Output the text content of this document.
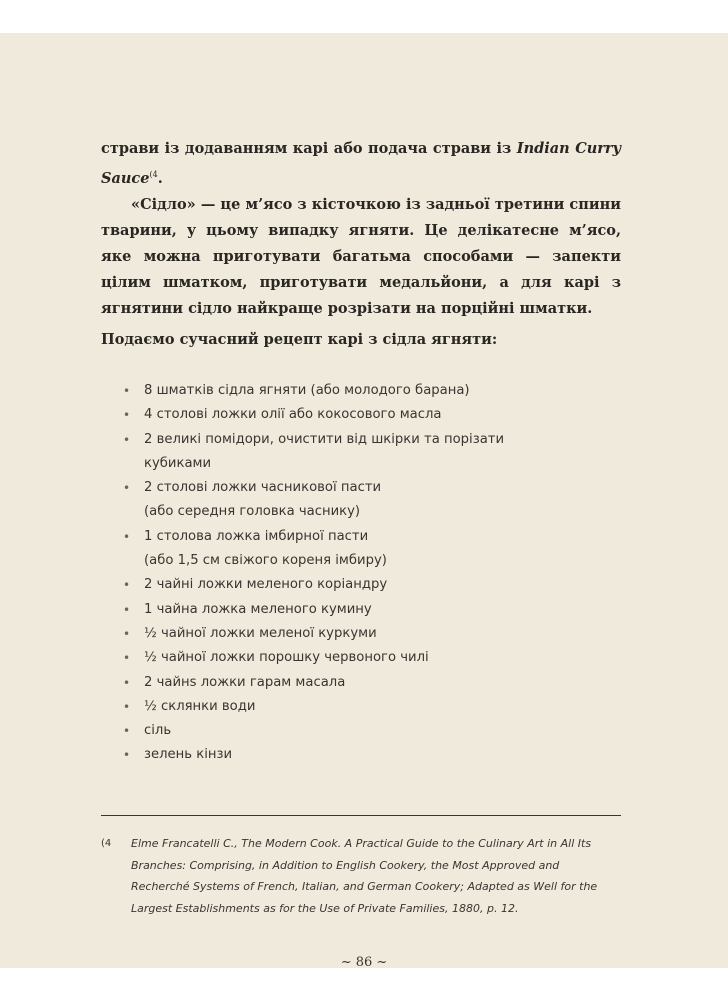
страви із додаванням карі або подача страви із Indian Curry Sauce$^{(4}$.

«Сідло» — це м’ясо з кісточкою із задньої третини спини тварини, у цьому випадку ягняти. Це делікатесне м’ясо, яке можна приготувати багатьма способами — запекти цілим шматком, приготувати медальйони, а для карі з ягнятини сідло найкраще розрізати на порційні шматки.

Подаємо сучасний рецепт карі з сідла ягняти:

• 8 шматків сідла ягняти (або молодого барана)
• 4 столові ложки олії або кокосового масла
• 2 великі помідори, очистити від шкірки та порізати
кубиками
• 2 столові ложки часникової пасти
(або середня головка часнику)
• 1 столова ложка імбирної пасти
(або 1,5 см свіжого кореня імбиру)
• 2 чайні ложки меленого коріандру
• 1 чайна ложка меленого кумину
• ½ чайної ложки меленої куркуми
• ½ чайної ложки порошку червоного чилі
• 2 чайнs ложки гарам масала
• ½ склянки води
• сіль
• зелень кінзи
(4 Elme Francatelli C., The Modern Cook. A Practical Guide to the Culinary Art in All Its Branches: Comprising, in Addition to English Cookery, the Most Approved and Recherché Systems of French, Italian, and German Cookery; Adapted as Well for the Largest Establishments as for the Use of Private Families, 1880, p. 12.
~ 86 ~
